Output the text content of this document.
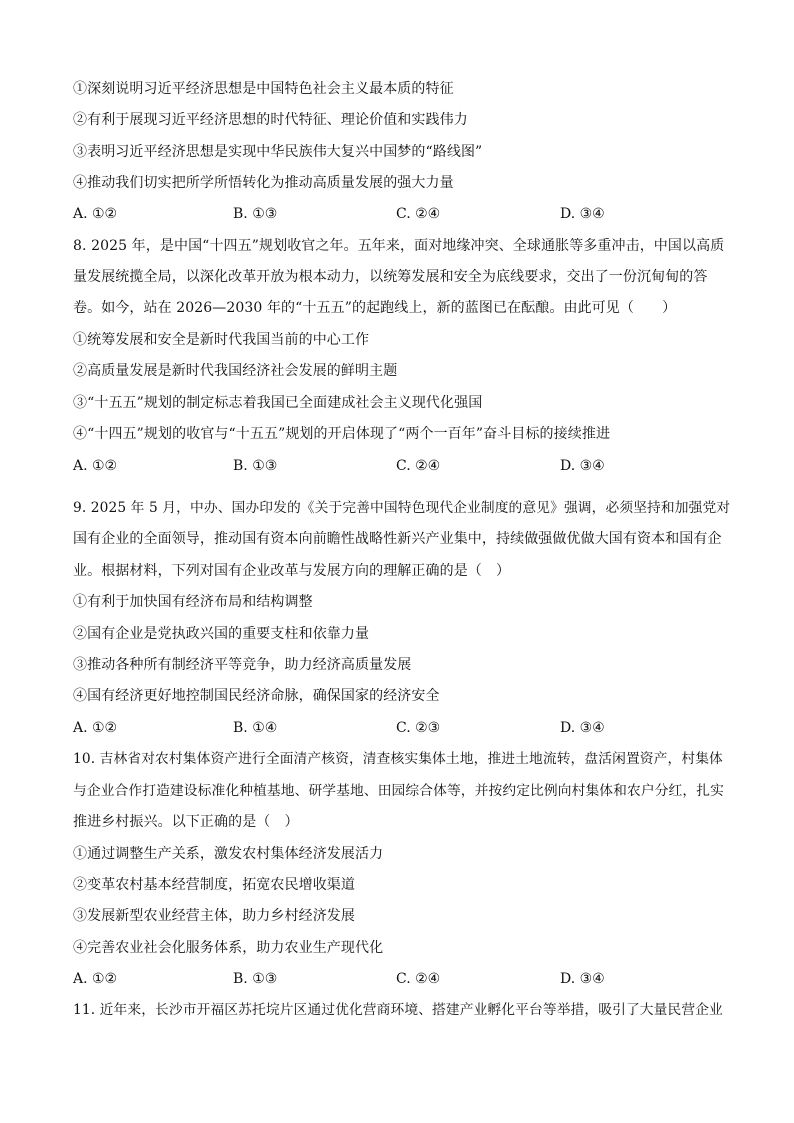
①深刻说明习近平经济思想是中国特色社会主义最本质的特征
②有利于展现习近平经济思想的时代特征、理论价值和实践伟力
③表明习近平经济思想是实现中华民族伟大复兴中国梦的“路线图”
④推动我们切实把所学所悟转化为推动高质量发展的强大力量
A. ①②	B. ①③	C. ②④	D. ③④
8. 2025 年，是中国“十四五”规划收官之年。五年来，面对地缘冲突、全球通胀等多重冲击，中国以高质
量发展统揽全局，以深化改革开放为根本动力，以统筹发展和安全为底线要求，交出了一份沉甸甸的答
卷。如今，站在 2026—2030 年的“十五五”的起跑线上，新的蓝图已在酝酿。由此可见（　　）
①统筹发展和安全是新时代我国当前的中心工作
②高质量发展是新时代我国经济社会发展的鲜明主题
③“十五五”规划的制定标志着我国已全面建成社会主义现代化强国
④“十四五”规划的收官与“十五五”规划的开启体现了“两个一百年”奋斗目标的接续推进
A. ①②	B. ①③	C. ②④	D. ③④
9. 2025 年 5 月，中办、国办印发的《关于完善中国特色现代企业制度的意见》强调，必须坚持和加强党对
国有企业的全面领导，推动国有资本向前瞻性战略性新兴产业集中，持续做强做优做大国有资本和国有企
业。根据材料，下列对国有企业改革与发展方向的理解正确的是（　）
①有利于加快国有经济布局和结构调整
②国有企业是党执政兴国的重要支柱和依靠力量
③推动各种所有制经济平等竞争，助力经济高质量发展
④国有经济更好地控制国民经济命脉，确保国家的经济安全
A. ①②	B. ①④	C. ②③	D. ③④
10. 吉林省对农村集体资产进行全面清产核资，清查核实集体土地，推进土地流转，盘活闲置资产，村集体
与企业合作打造建设标准化种植基地、研学基地、田园综合体等，并按约定比例向村集体和农户分红，扎实
推进乡村振兴。以下正确的是（　）
①通过调整生产关系，激发农村集体经济发展活力
②变革农村基本经营制度，拓宽农民增收渠道
③发展新型农业经营主体，助力乡村经济发展
④完善农业社会化服务体系，助力农业生产现代化
A. ①②	B. ①③	C. ②④	D. ③④
11. 近年来，长沙市开福区苏托垸片区通过优化营商环境、搭建产业孵化平台等举措，吸引了大量民营企业
